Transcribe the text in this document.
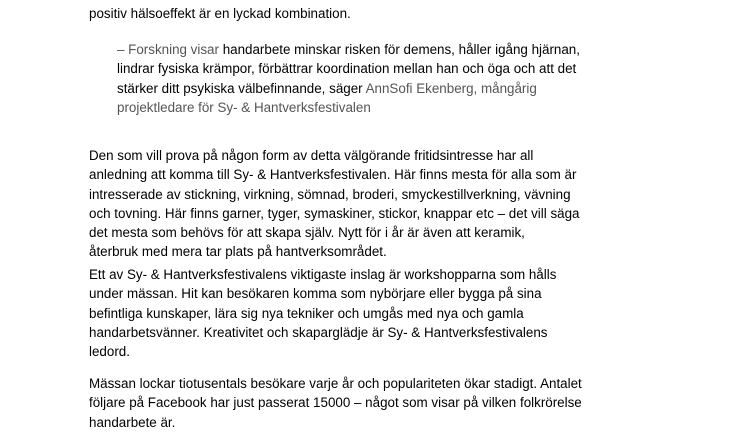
positiv hälsoeffekt är en lyckad kombination.

– Forskning visar handarbete minskar risken för demens, håller igång hjärnan,
lindrar fysiska krämpor, förbättrar koordination mellan han och öga och att det
stärker ditt psykiska välbefinnande, säger AnnSofi Ekenberg, mångårig
projektledare för Sy- & Hantverksfestivalen

Den som vill prova på någon form av detta välgörande fritidsintresse har all
anledning att komma till Sy- & Hantverksfestivalen. Här finns mesta för alla som är
intresserade av stickning, virkning, sömnad, broderi, smyckestillverkning, vävning
och tovning. Här finns garner, tyger, symaskiner, stickor, knappar etc – det vill säga
det mesta som behövs för att skapa själv. Nytt för i år är även att keramik,
återbruk med mera tar plats på hantverksområdet.

Ett av Sy- & Hantverksfestivalens viktigaste inslag är workshopparna som hålls
under mässan. Hit kan besökaren komma som nybörjare eller bygga på sina
befintliga kunskaper, lära sig nya tekniker och umgås med nya och gamla
handarbetsvänner. Kreativitet och skaparglädje är Sy- & Hantverksfestivalens
ledord.

Mässan lockar tiotusentals besökare varje år och populariteten ökar stadigt. Antalet
följare på Facebook har just passerat 15000 – något som visar på vilken folkrörelse
handarbete är.
